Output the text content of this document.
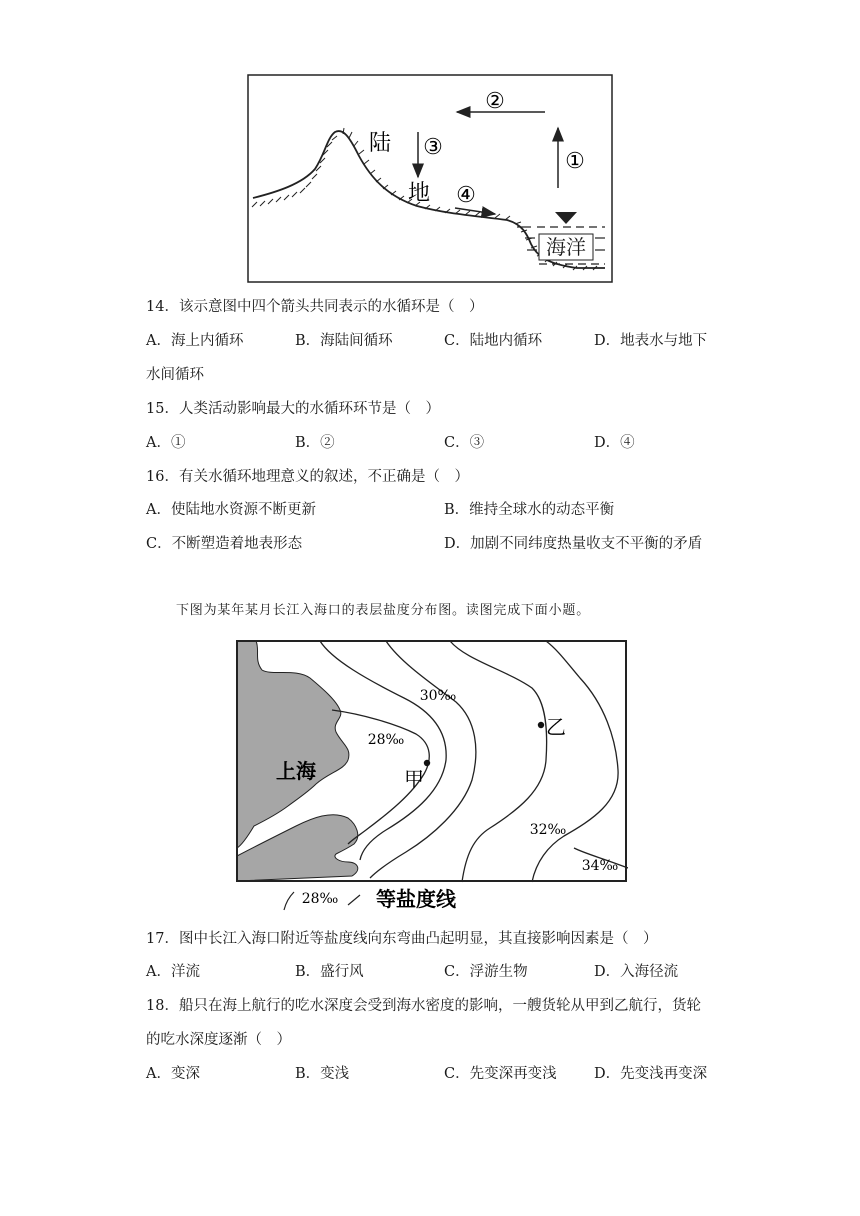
海洋
②
①
③
④
陆
地
14．该示意图中四个箭头共同表示的水循环是（　）
A．海上内循环	B．海陆间循环	C．陆地内循环	D．地表水与地下
水间循环
15．人类活动影响最大的水循环环节是（　）
A．①	B．②	C．③	D．④
16．有关水循环地理意义的叙述，不正确是（　）
A．使陆地水资源不断更新	B．维持全球水的动态平衡
C．不断塑造着地表形态	D．加剧不同纬度热量收支不平衡的矛盾
下图为某年某月长江入海口的表层盐度分布图。读图完成下面小题。
上海	甲
乙
28‰
30‰
32‰
34‰
28‰ 等盐度线
17．图中长江入海口附近等盐度线向东弯曲凸起明显，其直接影响因素是（　）
A．洋流	B．盛行风	C．浮游生物	D．入海径流
18．船只在海上航行的吃水深度会受到海水密度的影响，一艘货轮从甲到乙航行，货轮
的吃水深度逐渐（　）
A．变深	B．变浅	C．先变深再变浅	D．先变浅再变深
